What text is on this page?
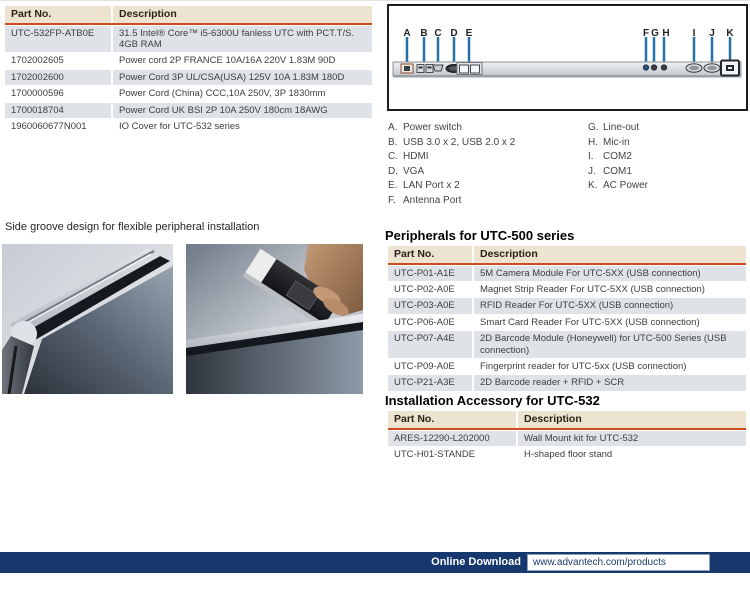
Part No.	Description
UTC-532FP-ATB0E	31.5 Intel® Core™ i5-6300U fanless UTC with PCT.T/S. 4GB RAM
1702002605	Power cord 2P FRANCE 10A/16A 220V 1.83M 90D
1702002600	Power Cord 3P UL/CSA(USA) 125V 10A 1.83M 180D
1700000596	Power Cord (China) CCC,10A 250V, 3P 1830mm
1700018704	Power Cord UK BSI 2P 10A 250V 180cm 18AWG
1960060677N001	IO Cover for UTC-532 series
A B C D E	F G H I J K
A. Power switch
B. USB 3.0 x 2, USB 2.0 x 2
C. HDMI
D. VGA
E. LAN Port x 2
F. Antenna Port
G. Line-out
H. Mic-in
I. COM2
J. COM1
K. AC Power
Side groove design for flexible peripheral installation
Peripherals for UTC-500 series
Part No.	Description
UTC-P01-A1E	5M Camera Module For UTC-5XX (USB connection)
UTC-P02-A0E	Magnet Strip Reader For UTC-5XX (USB connection)
UTC-P03-A0E	RFID Reader For UTC-5XX (USB connection)
UTC-P06-A0E	Smart Card Reader For UTC-5XX (USB connection)
UTC-P07-A4E	2D Barcode Module (Honeywell) for UTC-500 Series (USB connection)
UTC-P09-A0E	Fingerprint reader for UTC-5xx (USB connection)
UTC-P21-A3E	2D Barcode reader + RFID + SCR
Installation Accessory for UTC-532
Part No.	Description
ARES-12290-L202000	Wall Mount kit for UTC-532
UTC-H01-STANDE	H-shaped floor stand
Online Download	www.advantech.com/products
